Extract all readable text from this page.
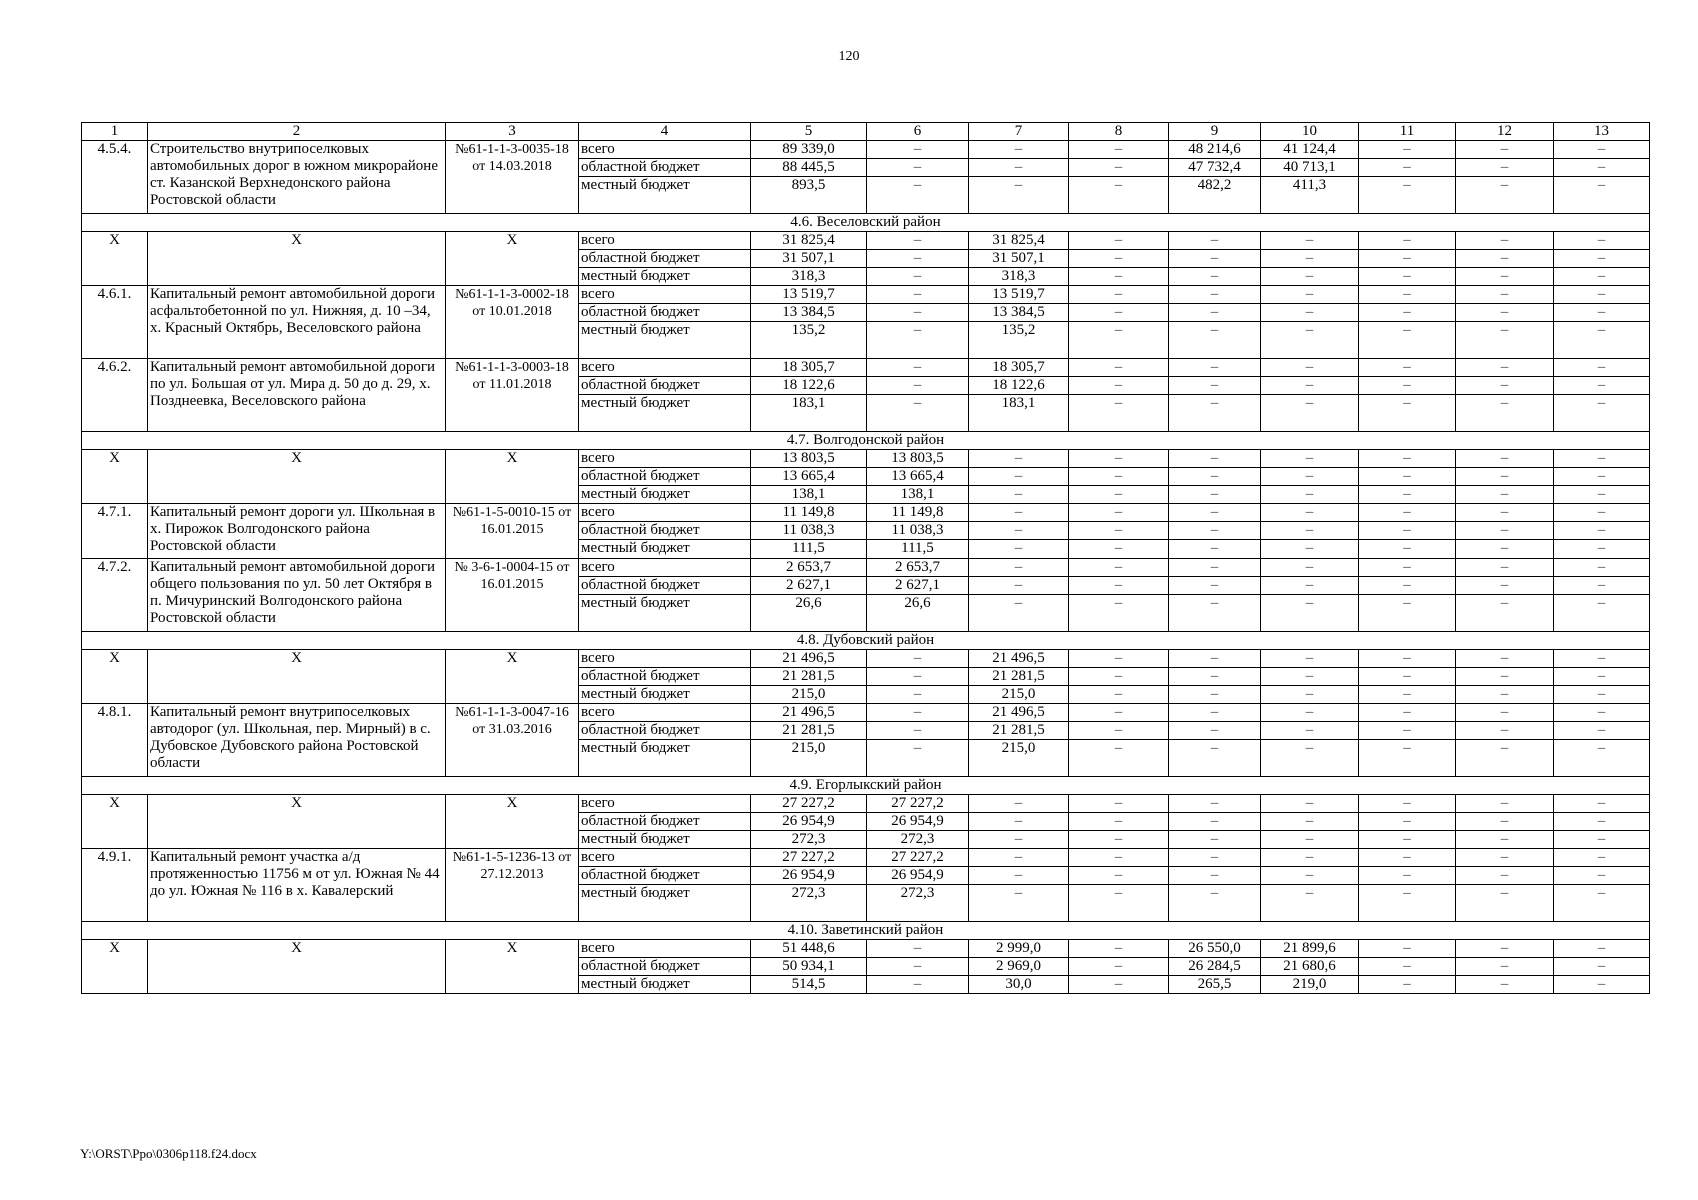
120
1	2	3	4	5	6	7	8	9	10	11	12	13
4.5.4.	Строительство внутрипоселковых автомобильных дорог в южном микрорайоне ст. Казанской Верхнедонского района Ростовской области	№61-1-1-3-0035-18 от 14.03.2018	всего	89 339,0	–	–	–	48 214,6	41 124,4	–	–	–
			областной бюджет	88 445,5	–	–	–	47 732,4	40 713,1	–	–	–
			местный бюджет	893,5	–	–	–	482,2	411,3	–	–	–
4.6. Веселовский район												
Х	Х	Х	всего	31 825,4	–	31 825,4	–	–	–	–	–	–
			областной бюджет	31 507,1	–	31 507,1	–	–	–	–	–	–
			местный бюджет	318,3	–	318,3	–	–	–	–	–	–
4.6.1.	Капитальный ремонт автомобильной дороги асфальтобетонной по ул. Нижняя, д. 10 –34, х. Красный Октябрь, Веселовского района	№61-1-1-3-0002-18 от 10.01.2018	всего	13 519,7	–	13 519,7	–	–	–	–	–	–
			областной бюджет	13 384,5	–	13 384,5	–	–	–	–	–	–
			местный бюджет	135,2	–	135,2	–	–	–	–	–	–
4.6.2.	Капитальный ремонт автомобильной дороги по ул. Большая от ул. Мира д. 50 до д. 29, х. Позднеевка, Веселовского района	№61-1-1-3-0003-18 от 11.01.2018	всего	18 305,7	–	18 305,7	–	–	–	–	–	–
			областной бюджет	18 122,6	–	18 122,6	–	–	–	–	–	–
			местный бюджет	183,1	–	183,1	–	–	–	–	–	–
4.7. Волгодонской район												
Х	Х	Х	всего	13 803,5	13 803,5	–	–	–	–	–	–	–
			областной бюджет	13 665,4	13 665,4	–	–	–	–	–	–	–
			местный бюджет	138,1	138,1	–	–	–	–	–	–	–
4.7.1.	Капитальный ремонт дороги ул. Школьная в х. Пирожок Волгодонского района Ростовской области	№61-1-5-0010-15 от 16.01.2015	всего	11 149,8	11 149,8	–	–	–	–	–	–	–
			областной бюджет	11 038,3	11 038,3	–	–	–	–	–	–	–
			местный бюджет	111,5	111,5	–	–	–	–	–	–	–
4.7.2.	Капитальный ремонт автомобильной дороги общего пользования по ул. 50 лет Октября в п. Мичуринский Волгодонского района Ростовской области	№ 3-6-1-0004-15 от 16.01.2015	всего	2 653,7	2 653,7	–	–	–	–	–	–	–
			областной бюджет	2 627,1	2 627,1	–	–	–	–	–	–	–
			местный бюджет	26,6	26,6	–	–	–	–	–	–	–
4.8. Дубовский район												
Х	Х	Х	всего	21 496,5	–	21 496,5	–	–	–	–	–	–
			областной бюджет	21 281,5	–	21 281,5	–	–	–	–	–	–
			местный бюджет	215,0	–	215,0	–	–	–	–	–	–
4.8.1.	Капитальный ремонт внутрипоселковых автодорог (ул. Школьная, пер. Мирный) в с. Дубовское Дубовского района Ростовской области	№61-1-1-3-0047-16 от 31.03.2016	всего	21 496,5	–	21 496,5	–	–	–	–	–	–
			областной бюджет	21 281,5	–	21 281,5	–	–	–	–	–	–
			местный бюджет	215,0	–	215,0	–	–	–	–	–	–
4.9. Егорлыкский район												
Х	Х	Х	всего	27 227,2	27 227,2	–	–	–	–	–	–	–
			областной бюджет	26 954,9	26 954,9	–	–	–	–	–	–	–
			местный бюджет	272,3	272,3	–	–	–	–	–	–	–
4.9.1.	Капитальный ремонт участка а/д протяженностью 11756 м от ул. Южная № 44 до ул. Южная № 116 в х. Кавалерский	№61-1-5-1236-13 от 27.12.2013	всего	27 227,2	27 227,2	–	–	–	–	–	–	–
			областной бюджет	26 954,9	26 954,9	–	–	–	–	–	–	–
			местный бюджет	272,3	272,3	–	–	–	–	–	–	–
4.10. Заветинский район												
Х	Х	Х	всего	51 448,6	–	2 999,0	–	26 550,0	21 899,6	–	–	–
			областной бюджет	50 934,1	–	2 969,0	–	26 284,5	21 680,6	–	–	–
			местный бюджет	514,5	–	30,0	–	265,5	219,0	–	–	–
Y:\ORST\Ppo\0306p118.f24.docx
